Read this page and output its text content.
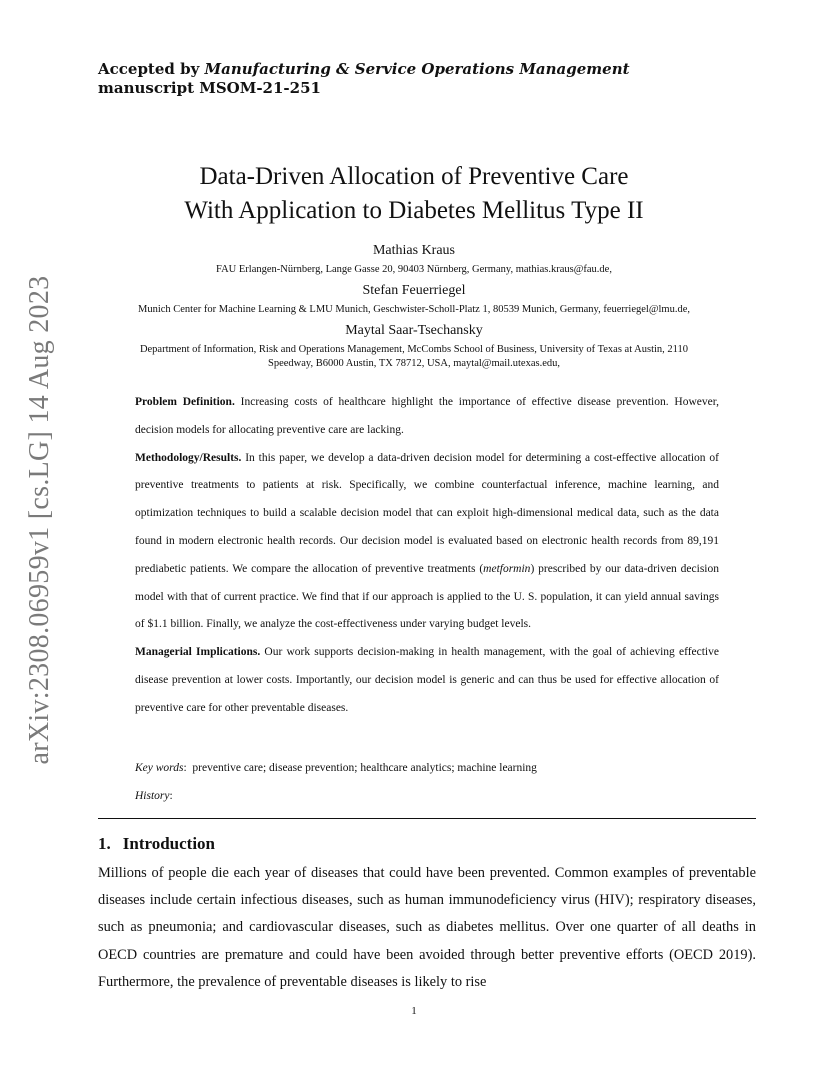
Accepted by Manufacturing & Service Operations Management
manuscript MSOM-21-251
arXiv:2308.06959v1 [cs.LG] 14 Aug 2023
Data-Driven Allocation of Preventive Care
With Application to Diabetes Mellitus Type II
Mathias Kraus
FAU Erlangen-Nürnberg, Lange Gasse 20, 90403 Nürnberg, Germany, mathias.kraus@fau.de,
Stefan Feuerriegel
Munich Center for Machine Learning & LMU Munich, Geschwister-Scholl-Platz 1, 80539 Munich, Germany, feuerriegel@lmu.de,
Maytal Saar-Tsechansky
Department of Information, Risk and Operations Management, McCombs School of Business, University of Texas at Austin, 2110
Speedway, B6000 Austin, TX 78712, USA, maytal@mail.utexas.edu,

Problem Definition. Increasing costs of healthcare highlight the importance of effective disease prevention. However, decision models for allocating preventive care are lacking.

Methodology/Results. In this paper, we develop a data-driven decision model for determining a cost-effective allocation of preventive treatments to patients at risk. Specifically, we combine counterfactual inference, machine learning, and optimization techniques to build a scalable decision model that can exploit high-dimensional medical data, such as the data found in modern electronic health records. Our decision model is evaluated based on electronic health records from 89,191 prediabetic patients. We compare the allocation of preventive treatments (metformin) prescribed by our data-driven decision model with that of current practice. We find that if our approach is applied to the U. S. population, it can yield annual savings of $1.1 billion. Finally, we analyze the cost-effectiveness under varying budget levels.

Managerial Implications. Our work supports decision-making in health management, with the goal of achieving effective disease prevention at lower costs. Importantly, our decision model is generic and can thus be used for effective allocation of preventive care for other preventable diseases.

Key words:  preventive care; disease prevention; healthcare analytics; machine learning
History:
1. Introduction

Millions of people die each year of diseases that could have been prevented. Common examples of preventable diseases include certain infectious diseases, such as human immunodeficiency virus (HIV); respiratory diseases, such as pneumonia; and cardiovascular diseases, such as diabetes mellitus. Over one quarter of all deaths in OECD countries are premature and could have been avoided through better preventive efforts (OECD 2019). Furthermore, the prevalence of preventable diseases is likely to rise

1
